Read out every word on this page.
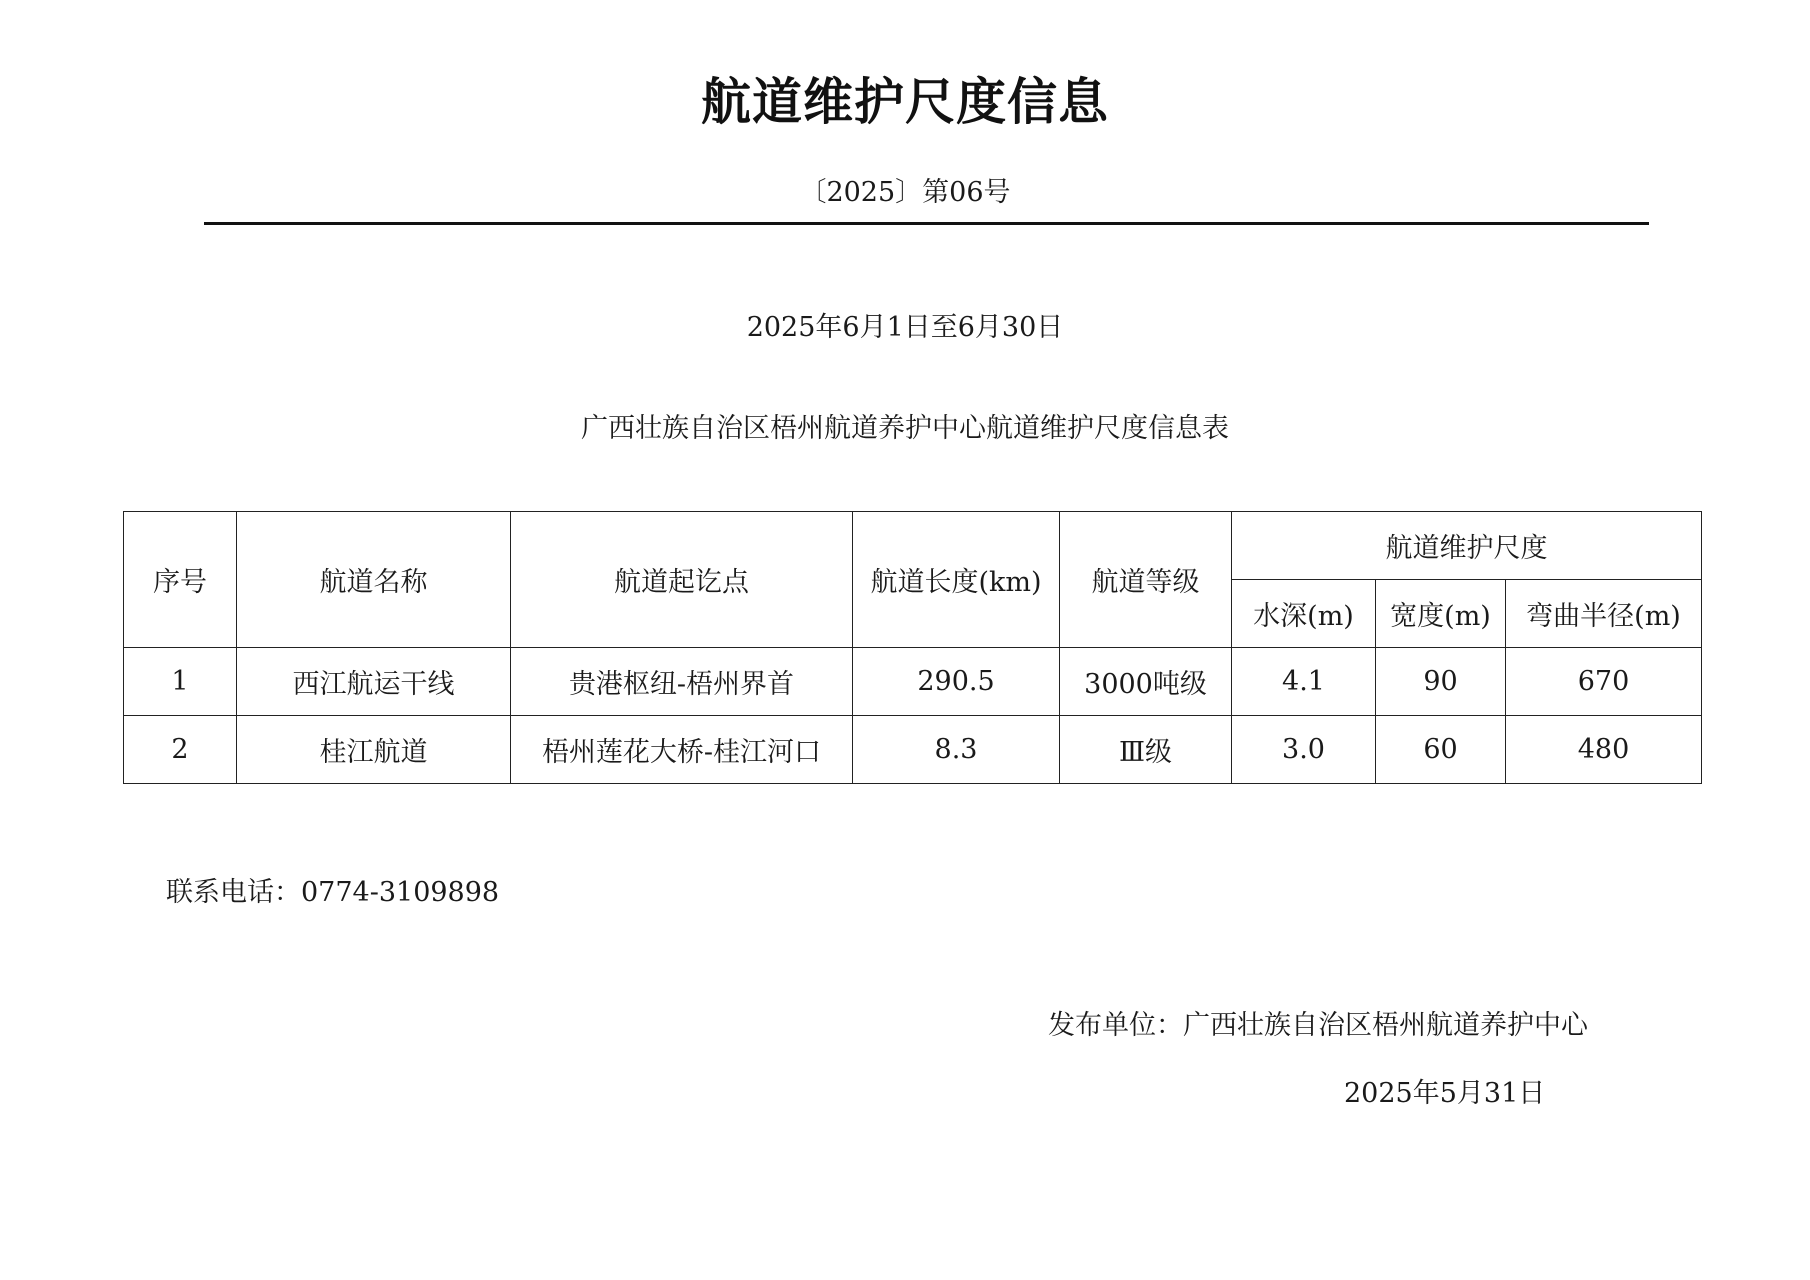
航道维护尺度信息
〔2025〕第06号
2025年6月1日至6月30日
广西壮族自治区梧州航道养护中心航道维护尺度信息表
序号	航道名称	航道起讫点	航道长度(km)	航道等级	航道维护尺度		
					水深(m)	宽度(m)	弯曲半径(m)
1	西江航运干线	贵港枢纽-梧州界首	290.5	3000吨级	4.1	90	670
2	桂江航道	梧州莲花大桥-桂江河口	8.3	Ⅲ级	3.0	60	480
联系电话：0774-3109898
发布单位：广西壮族自治区梧州航道养护中心
2025年5月31日
